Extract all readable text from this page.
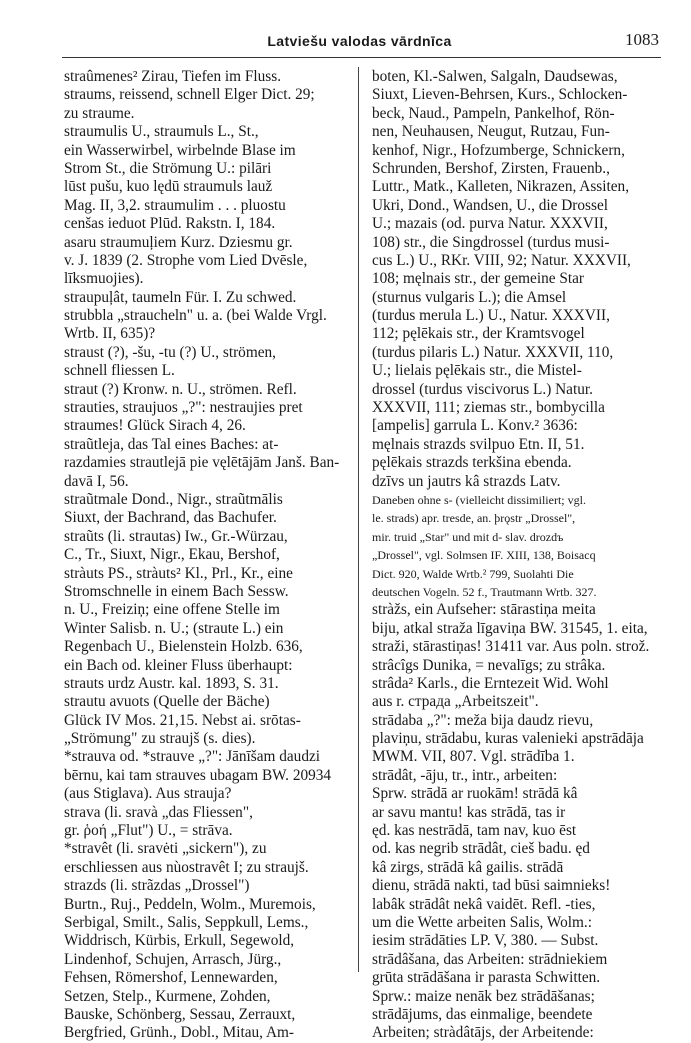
Latviešu valodas vārdnīca	1083
straûmenes² Zirau, Tiefen im Fluss.
straums, reissend, schnell Elger Dict. 29;
zu straume.
straumulis U., straumuls L., St.,
ein Wasserwirbel, wirbelnde Blase im
Strom St., die Strömung U.: pilāri
lūst pušu, kuo lędū straumuls lauž
Mag. II, 3,2. straumulim . . . pluostu
cenšas ieduot Plūd. Rakstn. I, 184.
asaru straumuļiem Kurz. Dziesmu gr.
v. J. 1839 (2. Strophe vom Lied Dvēsle,
līksmuojies).
straupuļât, taumeln Für. I. Zu schwed.
strubbla „straucheln" u. a. (bei Walde Vrgl.
Wrtb. II, 635)?
straust (?), -šu, -tu (?) U., strömen,
schnell fliessen L.
straut (?) Kronw. n. U., strömen. Refl.
strauties, straujuos „?": nestraujies pret
straumes! Glück Sirach 4, 26.
straũtleja, das Tal eines Baches: at-
razdamies strautlejā pie vęlētājām Janš. Ban-
davā I, 56.
straũtmale Dond., Nigr., straũtmālis
Siuxt, der Bachrand, das Bachufer.
straũts (li. strautas) Iw., Gr.-Würzau,
C., Tr., Siuxt, Nigr., Ekau, Bershof,
stràuts PS., stràuts² Kl., Prl., Kr., eine
Stromschnelle in einem Bach Sessw.
n. U., Freiziņ; eine offene Stelle im
Winter Salisb. n. U.; (straute L.) ein
Regenbach U., Bielenstein Holzb. 636,
ein Bach od. kleiner Fluss überhaupt:
strauts urdz Austr. kal. 1893, S. 31.
strautu avuots (Quelle der Bäche)
Glück IV Mos. 21,15. Nebst ai. srōtas-
„Strömung" zu straujš (s. dies).
*strauva od. *strauve „?": Jānīšam daudzi
bērnu, kai tam strauves ubagam BW. 20934
(aus Stiglava). Aus strauja?
strava (li. sravà „das Fliessen",
gr. ῥοή „Flut") U., = strāva.
*stravêt (li. sravėti „sickern"), zu
erschliessen aus nùostravêt I; zu straujš.
strazds (li. strãzdas „Drossel")
Burtn., Ruj., Peddeln, Wolm., Muremois,
Serbigal, Smilt., Salis, Seppkull, Lems.,
Widdrisch, Kürbis, Erkull, Segewold,
Lindenhof, Schujen, Arrasch, Jürg.,
Fehsen, Römershof, Lennewarden,
Setzen, Stelp., Kurmene, Zohden,
Bauske, Schönberg, Sessau, Zerrauxt,
Bergfried, Grünh., Dobl., Mitau, Am-
boten, Kl.-Salwen, Salgaln, Daudsewas,
Siuxt, Lieven-Behrsen, Kurs., Schlocken-
beck, Naud., Pampeln, Pankelhof, Rön-
nen, Neuhausen, Neugut, Rutzau, Fun-
kenhof, Nigr., Hofzumberge, Schnickern,
Schrunden, Bershof, Zirsten, Frauenb.,
Luttr., Matk., Kalleten, Nikrazen, Assiten,
Ukri, Dond., Wandsen, U., die Drossel
U.; mazais (od. purva Natur. XXXVII,
108) str., die Singdrossel (turdus musi-
cus L.) U., RKr. VIII, 92; Natur. XXXVII,
108; męlnais str., der gemeine Star
(sturnus vulgaris L.); die Amsel
(turdus merula L.) U., Natur. XXXVII,
112; pęlēkais str., der Kramtsvogel
(turdus pilaris L.) Natur. XXXVII, 110,
U.; lielais pęlēkais str., die Mistel-
drossel (turdus viscivorus L.) Natur.
XXXVII, 111; ziemas str., bombycilla
[ampelis] garrula L. Konv.² 3636:
męlnais strazds svilpuo Etn. II, 51.
pęlēkais strazds terkšina ebenda.
dzīvs un jautrs kâ strazds Latv.
Daneben ohne s- (vielleicht dissimiliert; vgl.
le. strads) apr. tresde, an. þrǫstr „Drossel",
mir. truid „Star" und mit d- slav. drozdъ
„Drossel", vgl. Solmsen IF. XIII, 138, Boisacq
Dict. 920, Walde Wrtb.² 799, Suolahti Die
deutschen Vogeln. 52 f., Trautmann Wrtb. 327.
stràžs, ein Aufseher: stārastiņa meita
biju, atkal straža līgaviņa BW. 31545, 1. eita,
straži, stārastiņas! 31411 var. Aus poln. strož.
strâcîgs Dunika, = nevalīgs; zu strâka.
strâda² Karls., die Erntezeit Wid. Wohl
aus r. страда „Arbeitszeit".
strādaba „?": meža bija daudz rievu,
plaviņu, strādabu, kuras valenieki apstrādāja
MWM. VII, 807. Vgl. strādība 1.
strādât, -āju, tr., intr., arbeiten:
Sprw. strādā ar ruokām! strādā kâ
ar savu mantu! kas strādā, tas ir
ęd. kas nestrādā, tam nav, kuo ēst
od. kas negrib strādât, cieš badu. ęd
kâ zirgs, strādā kâ gailis. strādā
dienu, strādā nakti, tad būsi saimnieks!
labâk strādât nekâ vaidēt. Refl. -ties,
um die Wette arbeiten Salis, Wolm.:
iesim strādāties LP. V, 380. — Subst.
strādâšana, das Arbeiten: strādniekiem
grūta strādāšana ir parasta Schwitten.
Sprw.: maize nenāk bez strādāšanas;
strādājums, das einmalige, beendete
Arbeiten; stràdâtājs, der Arbeitende:
